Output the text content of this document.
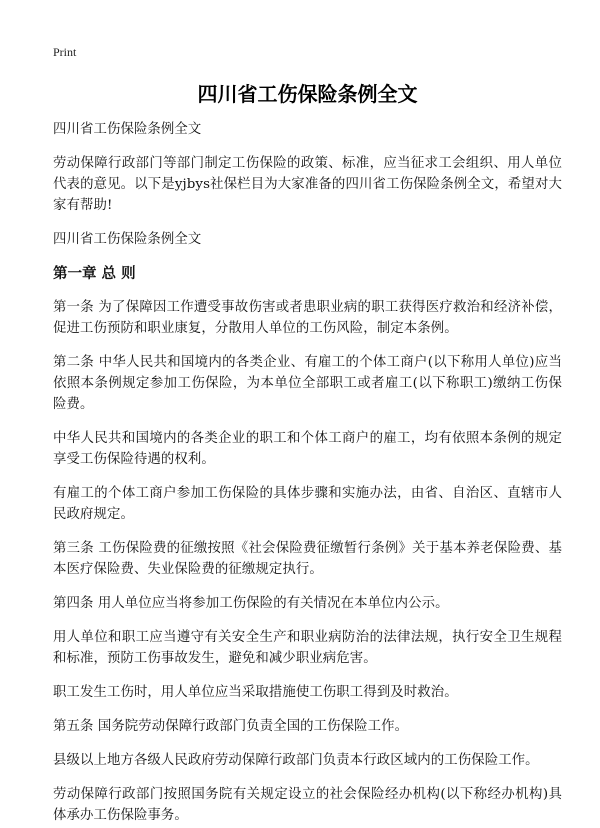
Print
四川省工伤保险条例全文

四川省工伤保险条例全文

劳动保障行政部门等部门制定工伤保险的政策、标准，应当征求工会组织、用人单位代表的意见。以下是yjbys社保栏目为大家准备的四川省工伤保险条例全文，希望对大家有帮助!

四川省工伤保险条例全文

第一章 总 则

第一条 为了保障因工作遭受事故伤害或者患职业病的职工获得医疗救治和经济补偿，促进工伤预防和职业康复，分散用人单位的工伤风险，制定本条例。

第二条 中华人民共和国境内的各类企业、有雇工的个体工商户(以下称用人单位)应当依照本条例规定参加工伤保险，为本单位全部职工或者雇工(以下称职工)缴纳工伤保险费。

中华人民共和国境内的各类企业的职工和个体工商户的雇工，均有依照本条例的规定享受工伤保险待遇的权利。

有雇工的个体工商户参加工伤保险的具体步骤和实施办法，由省、自治区、直辖市人民政府规定。

第三条 工伤保险费的征缴按照《社会保险费征缴暂行条例》关于基本养老保险费、基本医疗保险费、失业保险费的征缴规定执行。

第四条 用人单位应当将参加工伤保险的有关情况在本单位内公示。

用人单位和职工应当遵守有关安全生产和职业病防治的法律法规，执行安全卫生规程和标准，预防工伤事故发生，避免和减少职业病危害。

职工发生工伤时，用人单位应当采取措施使工伤职工得到及时救治。

第五条 国务院劳动保障行政部门负责全国的工伤保险工作。

县级以上地方各级人民政府劳动保障行政部门负责本行政区域内的工伤保险工作。

劳动保障行政部门按照国务院有关规定设立的社会保险经办机构(以下称经办机构)具体承办工伤保险事务。
